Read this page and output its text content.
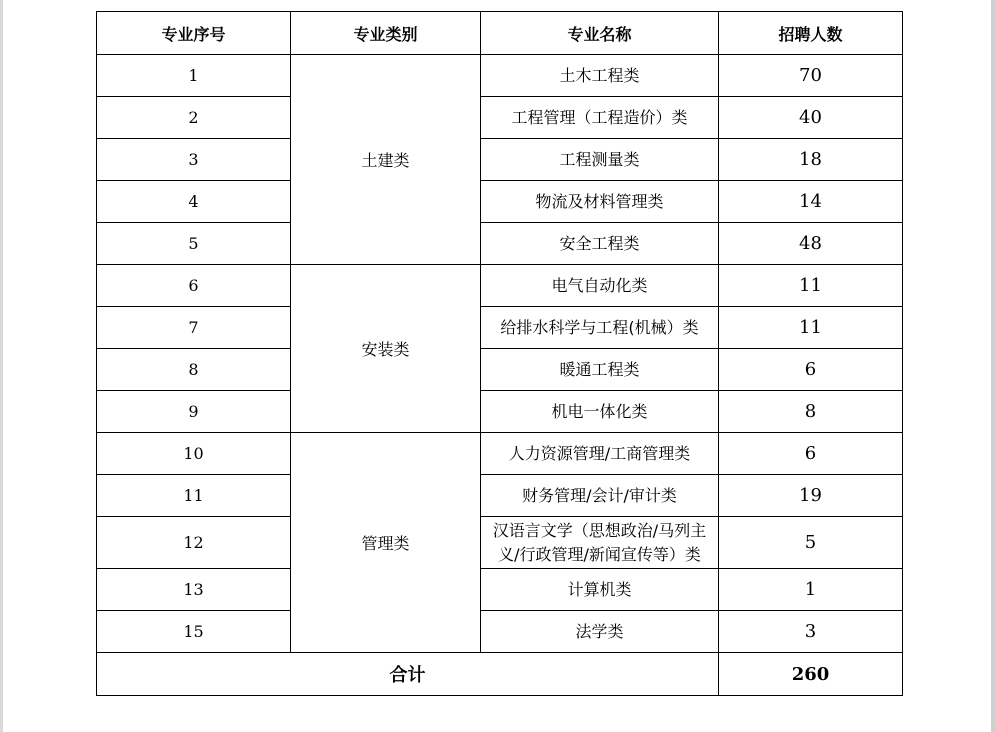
专业序号	专业类别	专业名称	招聘人数
1	土建类	土木工程类	70
2		工程管理（工程造价）类	40
3		工程测量类	18
4		物流及材料管理类	14
5		安全工程类	48
6	安装类	电气自动化类	11
7		给排水科学与工程(机械）类	11
8		暖通工程类	6
9		机电一体化类	8
10	管理类	人力资源管理/工商管理类	6
11		财务管理/会计/审计类	19
12		汉语言文学（思想政治/马列主义/行政管理/新闻宣传等）类	5
13		计算机类	1
15		法学类	3
合计			260
